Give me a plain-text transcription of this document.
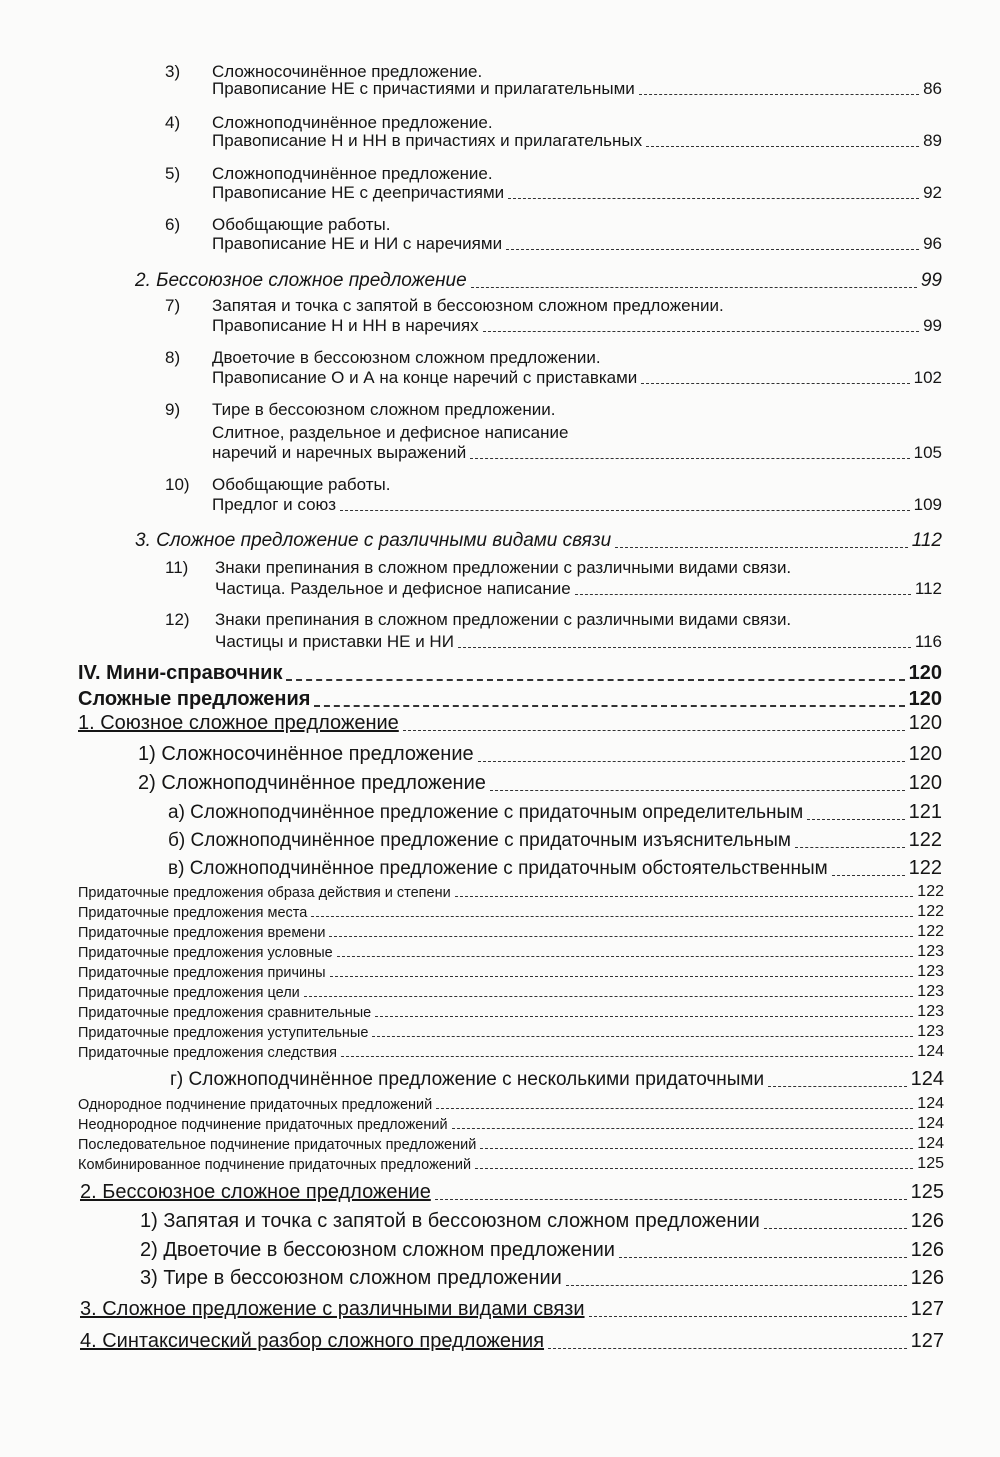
3) Сложносочинённое предложение.
Правописание НЕ с причастиями и прилагательными	86
4) Сложноподчинённое предложение.
Правописание Н и НН в причастиях и прилагательных	89
5) Сложноподчинённое предложение.
Правописание НЕ с деепричастиями	92
6) Обобщающие работы.
Правописание НЕ и НИ с наречиями	96
2. Бессоюзное сложное предложение	99
7) Запятая и точка с запятой в бессоюзном сложном предложении.
Правописание Н и НН в наречиях	99
8) Двоеточие в бессоюзном сложном предложении.
Правописание О и А на конце наречий с приставками	102
9) Тире в бессоюзном сложном предложении.
Слитное, раздельное и дефисное написание
наречий и наречных выражений	105
10) Обобщающие работы.
Предлог и союз	109
3. Сложное предложение с различными видами связи	112
11) Знаки препинания в сложном предложении с различными видами связи.
Частица. Раздельное и дефисное написание	112
12) Знаки препинания в сложном предложении с различными видами связи.
Частицы и приставки НЕ и НИ	116
IV. Мини-справочник	120
Сложные предложения	120
1. Союзное сложное предложение	120
1) Сложносочинённое предложение	120
2) Сложноподчинённое предложение	120
а) Сложноподчинённое предложение с придаточным определительным	121
б) Сложноподчинённое предложение с придаточным изъяснительным	122
в) Сложноподчинённое предложение с придаточным обстоятельственным	122
Придаточные предложения образа действия и степени	122
Придаточные предложения места	122
Придаточные предложения времени	122
Придаточные предложения условные	123
Придаточные предложения причины	123
Придаточные предложения цели	123
Придаточные предложения сравнительные	123
Придаточные предложения уступительные	123
Придаточные предложения следствия	124
г) Сложноподчинённое предложение с несколькими придаточными	124
Однородное подчинение придаточных предложений	124
Неоднородное подчинение придаточных предложений	124
Последовательное подчинение придаточных предложений	124
Комбинированное подчинение придаточных предложений	125
2. Бессоюзное сложное предложение	125
1) Запятая и точка с запятой в бессоюзном сложном предложении	126
2) Двоеточие в бессоюзном сложном предложении	126
3) Тире в бессоюзном сложном предложении	126
3. Сложное предложение с различными видами связи	127
4. Синтаксический разбор сложного предложения	127
